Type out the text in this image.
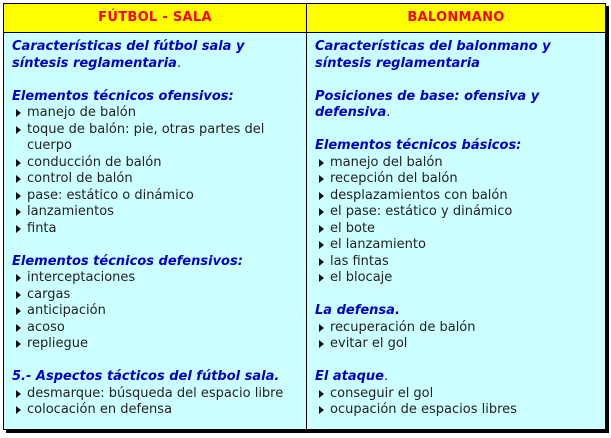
FÚTBOL - SALA
Características del fútbol sala y síntesis reglamentaria.
Elementos técnicos ofensivos:
manejo de balón
toque de balón: pie, otras partes del cuerpo
conducción de balón
control de balón
pase: estático o dinámico
lanzamientos
finta
Elementos técnicos defensivos:
interceptaciones
cargas
anticipación
acoso
repliegue
5.- Aspectos tácticos del fútbol sala.
desmarque: búsqueda del espacio libre
colocación en defensa
BALONMANO
Características del balonmano y síntesis reglamentaria
Posiciones de base: ofensiva y defensiva.
Elementos técnicos básicos:
manejo del balón
recepción del balón
desplazamientos con balón
el pase: estático y dinámico
el bote
el lanzamiento
las fintas
el blocaje
La defensa.
recuperación de balón
evitar el gol
El ataque.
conseguir el gol
ocupación de espacios libres
